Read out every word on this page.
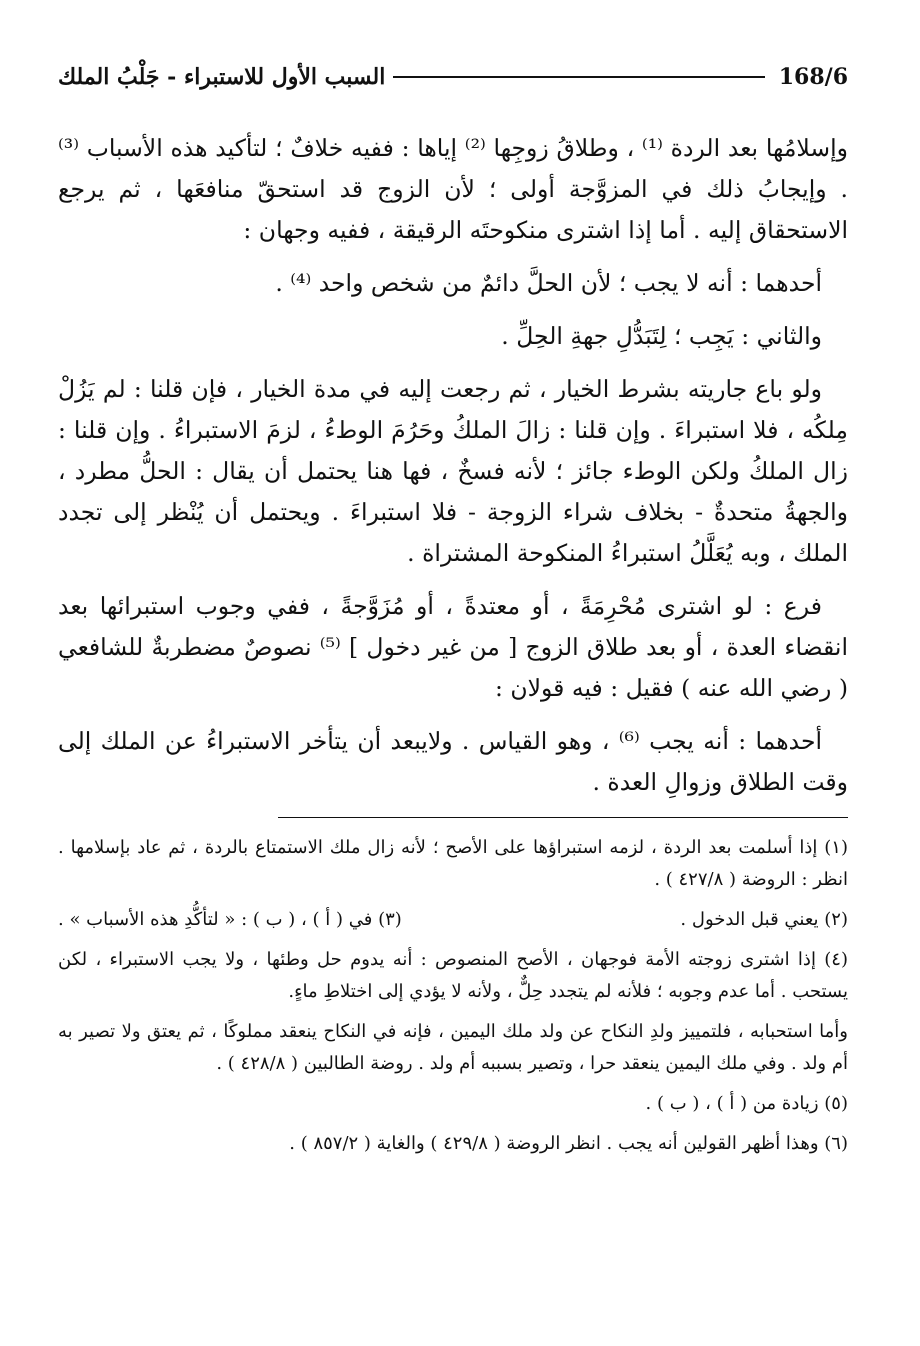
168/6
السبب الأول للاستبراء - جَلْبُ الملك

وإسلامُها بعد الردة ⁽¹⁾ ، وطلاقُ زوجِها ⁽²⁾ إياها : ففيه خلافٌ ؛ لتأكيد هذه الأسباب ⁽³⁾ . وإيجابُ ذلك في المزوَّجة أولى ؛ لأن الزوج قد استحقّ منافعَها ، ثم يرجع الاستحقاق إليه . أما إذا اشترى منكوحتَه الرقيقة ، ففيه وجهان :

أحدهما : أنه لا يجب ؛ لأن الحلَّ دائمٌ من شخص واحد ⁽⁴⁾ .

والثاني : يَجِب ؛ لِتَبَدُّلِ جهةِ الحِلِّ .

ولو باع جاريته بشرط الخيار ، ثم رجعت إليه في مدة الخيار ، فإن قلنا : لم يَزُلْ مِلكُه ، فلا استبراءَ . وإن قلنا : زالَ الملكُ وحَرُمَ الوطءُ ، لزمَ الاستبراءُ . وإن قلنا : زال الملكُ ولكن الوطء جائز ؛ لأنه فسخٌ ، فها هنا يحتمل أن يقال : الحلُّ مطرد ، والجهةُ متحدةٌ - بخلاف شراء الزوجة - فلا استبراءَ . ويحتمل أن يُنْظر إلى تجدد الملك ، وبه يُعَلَّلُ استبراءُ المنكوحة المشتراة .

فرع : لو اشترى مُحْرِمَةً ، أو معتدةً ، أو مُزَوَّجةً ، ففي وجوب استبرائها بعد انقضاء العدة ، أو بعد طلاق الزوج [ من غير دخول ] ⁽⁵⁾ نصوصٌ مضطربةٌ للشافعي ( رضي الله عنه ) فقيل : فيه قولان :

أحدهما : أنه يجب ⁽⁶⁾ ، وهو القياس . ولايبعد أن يتأخر الاستبراءُ عن الملك إلى وقت الطلاق وزوالِ العدة .

(١) إذا أسلمت بعد الردة ، لزمه استبراؤها على الأصح ؛ لأنه زال ملك الاستمتاع بالردة ، ثم عاد بإسلامها . انظر : الروضة ( ٤٢٧/٨ ) .

(٢) يعني قبل الدخول .
(٣) في ( أ ) ، ( ب ) : « لتأكُّدِ هذه الأسباب » .

(٤) إذا اشترى زوجته الأمة فوجهان ، الأصح المنصوص : أنه يدوم حل وطئها ، ولا يجب الاستبراء ، لكن يستحب . أما عدم وجوبه ؛ فلأنه لم يتجدد حِلٌّ ، ولأنه لا يؤدي إلى اختلاطِ ماءٍ.

وأما استحبابه ، فلتمييز ولدِ النكاح عن ولد ملك اليمين ، فإنه في النكاح ينعقد مملوكًا ، ثم يعتق ولا تصير به أم ولد . وفي ملك اليمين ينعقد حرا ، وتصير بسببه أم ولد . روضة الطالبين ( ٤٢٨/٨ ) .

(٥) زيادة من ( أ ) ، ( ب ) .

(٦) وهذا أظهر القولين أنه يجب . انظر الروضة ( ٤٢٩/٨ ) والغاية ( ٨٥٧/٢ ) .
